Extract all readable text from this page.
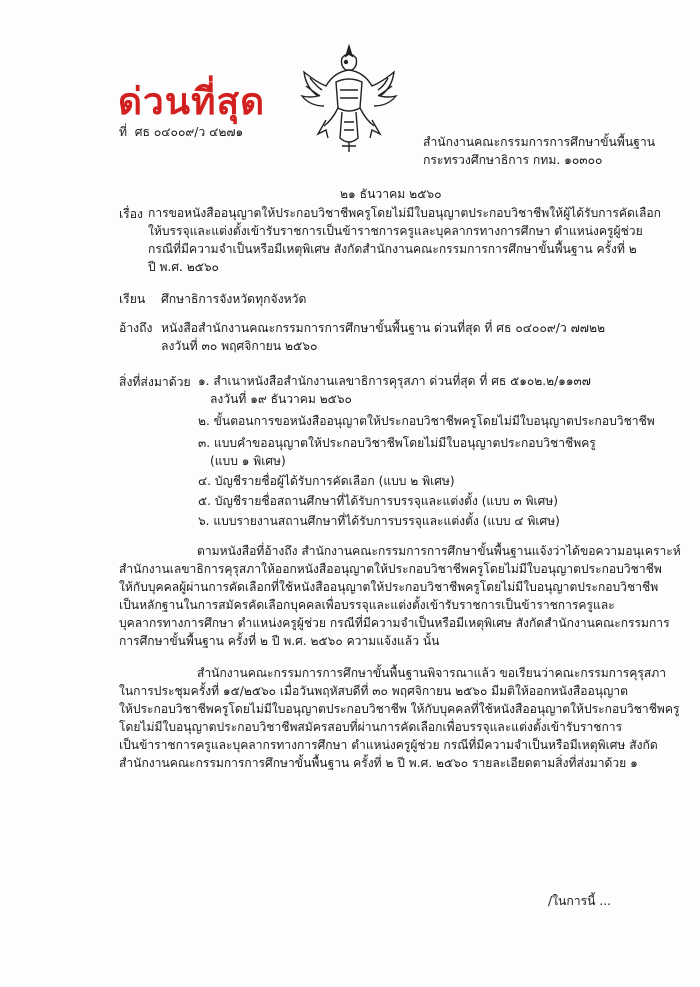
ด่วนที่สุด
ที่ ศธ ๐๔๐๐๙/ว ๔๒๗๑
สำนักงานคณะกรรมการการศึกษาขั้นพื้นฐาน
กระทรวงศึกษาธิการ กทม. ๑๐๓๐๐
๒๑ ธันวาคม ๒๕๖๐
เรื่อง การขอหนังสืออนุญาตให้ประกอบวิชาชีพครูโดยไม่มีใบอนุญาตประกอบวิชาชีพให้ผู้ได้รับการคัดเลือก
ให้บรรจุและแต่งตั้งเข้ารับราชการเป็นข้าราชการครูและบุคลากรทางการศึกษา ตำแหน่งครูผู้ช่วย
กรณีที่มีความจำเป็นหรือมีเหตุพิเศษ สังกัดสำนักงานคณะกรรมการการศึกษาขั้นพื้นฐาน ครั้งที่ ๒
ปี พ.ศ. ๒๕๖๐
เรียน ศึกษาธิการจังหวัดทุกจังหวัด
อ้างถึง หนังสือสำนักงานคณะกรรมการการศึกษาขั้นพื้นฐาน ด่วนที่สุด ที่ ศธ ๐๔๐๐๙/ว ๗๗๒๒
ลงวันที่ ๓๐ พฤศจิกายน ๒๕๖๐
สิ่งที่ส่งมาด้วย ๑. สำเนาหนังสือสำนักงานเลขาธิการคุรุสภา ด่วนที่สุด ที่ ศธ ๕๑๐๒.๒/๑๑๓๗
ลงวันที่ ๑๙ ธันวาคม ๒๕๖๐
๒. ขั้นตอนการขอหนังสืออนุญาตให้ประกอบวิชาชีพครูโดยไม่มีใบอนุญาตประกอบวิชาชีพ
๓. แบบคำขออนุญาตให้ประกอบวิชาชีพโดยไม่มีใบอนุญาตประกอบวิชาชีพครู
(แบบ ๑ พิเศษ)
๔. บัญชีรายชื่อผู้ได้รับการคัดเลือก (แบบ ๒ พิเศษ)
๕. บัญชีรายชื่อสถานศึกษาที่ได้รับการบรรจุและแต่งตั้ง (แบบ ๓ พิเศษ)
๖. แบบรายงานสถานศึกษาที่ได้รับการบรรจุและแต่งตั้ง (แบบ ๔ พิเศษ)
ตามหนังสือที่อ้างถึง สำนักงานคณะกรรมการการศึกษาขั้นพื้นฐานแจ้งว่าได้ขอความอนุเคราะห์
สำนักงานเลขาธิการคุรุสภาให้ออกหนังสืออนุญาตให้ประกอบวิชาชีพครูโดยไม่มีใบอนุญาตประกอบวิชาชีพ
ให้กับบุคคลผู้ผ่านการคัดเลือกที่ใช้หนังสืออนุญาตให้ประกอบวิชาชีพครูโดยไม่มีใบอนุญาตประกอบวิชาชีพ
เป็นหลักฐานในการสมัครคัดเลือกบุคคลเพื่อบรรจุและแต่งตั้งเข้ารับราชการเป็นข้าราชการครูและ
บุคลากรทางการศึกษา ตำแหน่งครูผู้ช่วย กรณีที่มีความจำเป็นหรือมีเหตุพิเศษ สังกัดสำนักงานคณะกรรมการ
การศึกษาขั้นพื้นฐาน ครั้งที่ ๒ ปี พ.ศ. ๒๕๖๐ ความแจ้งแล้ว นั้น
สำนักงานคณะกรรมการการศึกษาขั้นพื้นฐานพิจารณาแล้ว ขอเรียนว่าคณะกรรมการคุรุสภา
ในการประชุมครั้งที่ ๑๕/๒๕๖๐ เมื่อวันพฤหัสบดีที่ ๓๐ พฤศจิกายน ๒๕๖๐ มีมติให้ออกหนังสืออนุญาต
ให้ประกอบวิชาชีพครูโดยไม่มีใบอนุญาตประกอบวิชาชีพ ให้กับบุคคลที่ใช้หนังสืออนุญาตให้ประกอบวิชาชีพครู
โดยไม่มีใบอนุญาตประกอบวิชาชีพสมัครสอบที่ผ่านการคัดเลือกเพื่อบรรจุและแต่งตั้งเข้ารับราชการ
เป็นข้าราชการครูและบุคลากรทางการศึกษา ตำแหน่งครูผู้ช่วย กรณีที่มีความจำเป็นหรือมีเหตุพิเศษ สังกัด
สำนักงานคณะกรรมการการศึกษาขั้นพื้นฐาน ครั้งที่ ๒ ปี พ.ศ. ๒๕๖๐ รายละเอียดตามสิ่งที่ส่งมาด้วย ๑
/ในการนี้ ...
